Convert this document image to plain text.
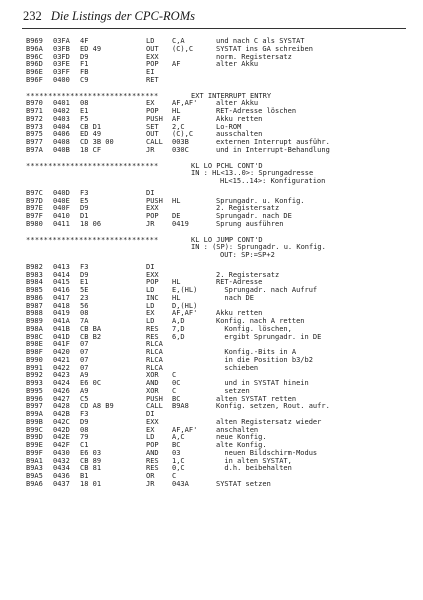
232 Die Listings der CPC-ROMs
B969 03FA 4F	LD	C,A	und nach C als SYSTAT
B96A 03FB ED 49	OUT (C),C	SYSTAT ins GA schreiben
B96C 03FD D9	EXX	norm. Registersatz
B96D 03FE F1	POP AF	alter Akku
B96E 03FF FB	EI
B96F 0400 C9	RET
******************************	EXT INTERRUPT ENTRY
B970 0401 08	EX	AF,AF'	alter Akku
B971 0402 E1	POP HL	RET-Adresse löschen
B972 0403 F5	PUSH AF	Akku retten
B973 0404 CB D1	SET 2,C	Lo-ROM
B975 0406 ED 49	OUT (C),C	ausschalten
B977 0408 CD 3B 00	CALL 003B	externen Interrupt ausführ.
B97A 040B 18 CF	JR	030C	und in Interrupt-Behandlung
******************************	KL LO PCHL CONT'D
IN : HL<13..0>: Sprungadresse
HL<15..14>: Konfiguration
B97C 040D F3	DI
B97D 040E E5	PUSH HL	Sprungadr. u. Konfig.
B97E 040F D9	EXX	2. Registersatz
B97F 0410 D1	POP DE	Sprungadr. nach DE
B980 0411 18 06	JR	0419	Sprung ausführen
******************************	KL LO JUMP CONT'D
IN : (SP): Sprungadr. u. Konfig.
OUT: SP:=SP+2
B982 0413 F3	DI
B983 0414 D9	EXX	2. Registersatz
B984 0415 E1	POP HL	RET-Adresse
B985 0416 5E	LD	E,(HL)	Sprungadr. nach Aufruf
B986 0417 23	INC HL	nach DE
B987 0418 56	LD	D,(HL)
B988 0419 08	EX	AF,AF'	Akku retten
B989 041A 7A	LD	A,D	Konfig. nach A retten
B98A 041B CB BA	RES 7,D	Konfig. löschen,
B98C 041D CB B2	RES 6,D	ergibt Sprungadr. in DE
B98E 041F 07	RLCA
B98F 0420 07	RLCA	Konfig.-Bits in A
B990 0421 07	RLCA	in die Position b3/b2
B991 0422 07	RLCA	schieben
B992 0423 A9	XOR C
B993 0424 E6 0C	AND 0C	und in SYSTAT hinein
B995 0426 A9	XOR C	setzen
B996 0427 C5	PUSH BC	alten SYSTAT retten
B997 0428 CD A8 B9	CALL B9A8	Konfig. setzen, Rout. aufr.
B99A 042B F3	DI
B99B 042C D9	EXX	alten Registersatz wieder
B99C 042D 08	EX	AF,AF'	anschalten
B99D 042E 79	LD	A,C	neue Konfig.
B99E 042F C1	POP BC	alte Konfig.
B99F 0430 E6 03	AND 03	neuen Bildschirm-Modus
B9A1 0432 CB 89	RES 1,C	in alten SYSTAT,
B9A3 0434 CB 81	RES 0,C	d.h. beibehalten
B9A5 0436 B1	OR	C
B9A6 0437 18 01	JR	043A	SYSTAT setzen
